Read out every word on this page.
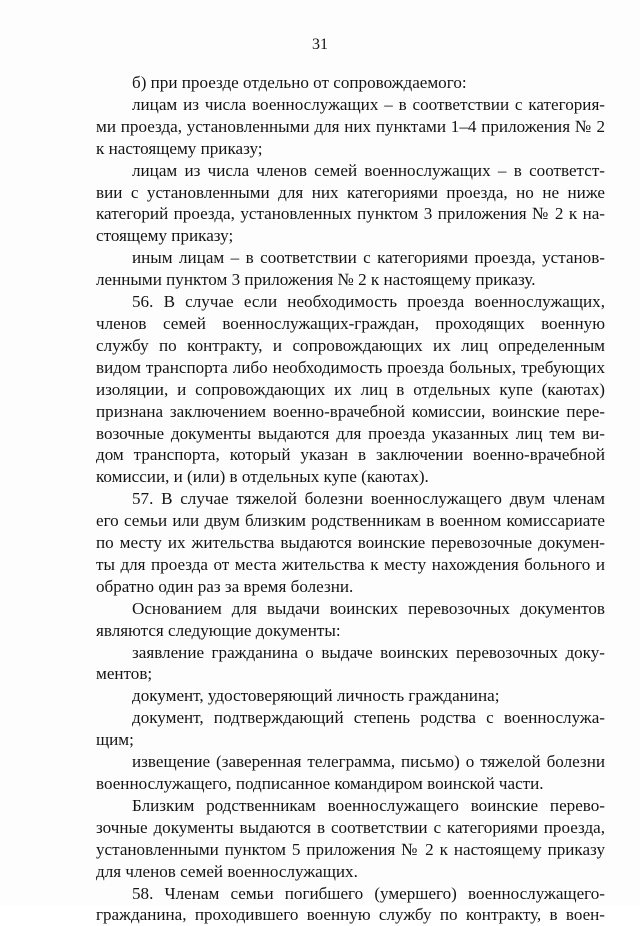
31
б) при проезде отдельно от сопровождаемого:
лицам из числа военнослужащих – в соответствии с категория-
ми проезда, установленными для них пунктами 1–4 приложения № 2
к настоящему приказу;
лицам из числа членов семей военнослужащих – в соответст-
вии с установленными для них категориями проезда, но не ниже
категорий проезда, установленных пунктом 3 приложения № 2 к на-
стоящему приказу;
иным лицам – в соответствии с категориями проезда, установ-
ленными пунктом 3 приложения № 2 к настоящему приказу.
56. В случае если необходимость проезда военнослужащих,
членов семей военнослужащих-граждан, проходящих военную
службу по контракту, и сопровождающих их лиц определенным
видом транспорта либо необходимость проезда больных, требующих
изоляции, и сопровождающих их лиц в отдельных купе (каютах)
признана заключением военно-врачебной комиссии, воинские пере-
возочные документы выдаются для проезда указанных лиц тем ви-
дом транспорта, который указан в заключении военно-врачебной
комиссии, и (или) в отдельных купе (каютах).
57. В случае тяжелой болезни военнослужащего двум членам
его семьи или двум близким родственникам в военном комиссариате
по месту их жительства выдаются воинские перевозочные докумен-
ты для проезда от места жительства к месту нахождения больного и
обратно один раз за время болезни.
Основанием для выдачи воинских перевозочных документов
являются следующие документы:
заявление гражданина о выдаче воинских перевозочных доку-
ментов;
документ, удостоверяющий личность гражданина;
документ, подтверждающий степень родства с военнослужа-
щим;
извещение (заверенная телеграмма, письмо) о тяжелой болезни
военнослужащего, подписанное командиром воинской части.
Близким родственникам военнослужащего воинские перево-
зочные документы выдаются в соответствии с категориями проезда,
установленными пунктом 5 приложения № 2 к настоящему приказу
для членов семей военнослужащих.
58. Членам семьи погибшего (умершего) военнослужащего-
гражданина, проходившего военную службу по контракту, в воен-
